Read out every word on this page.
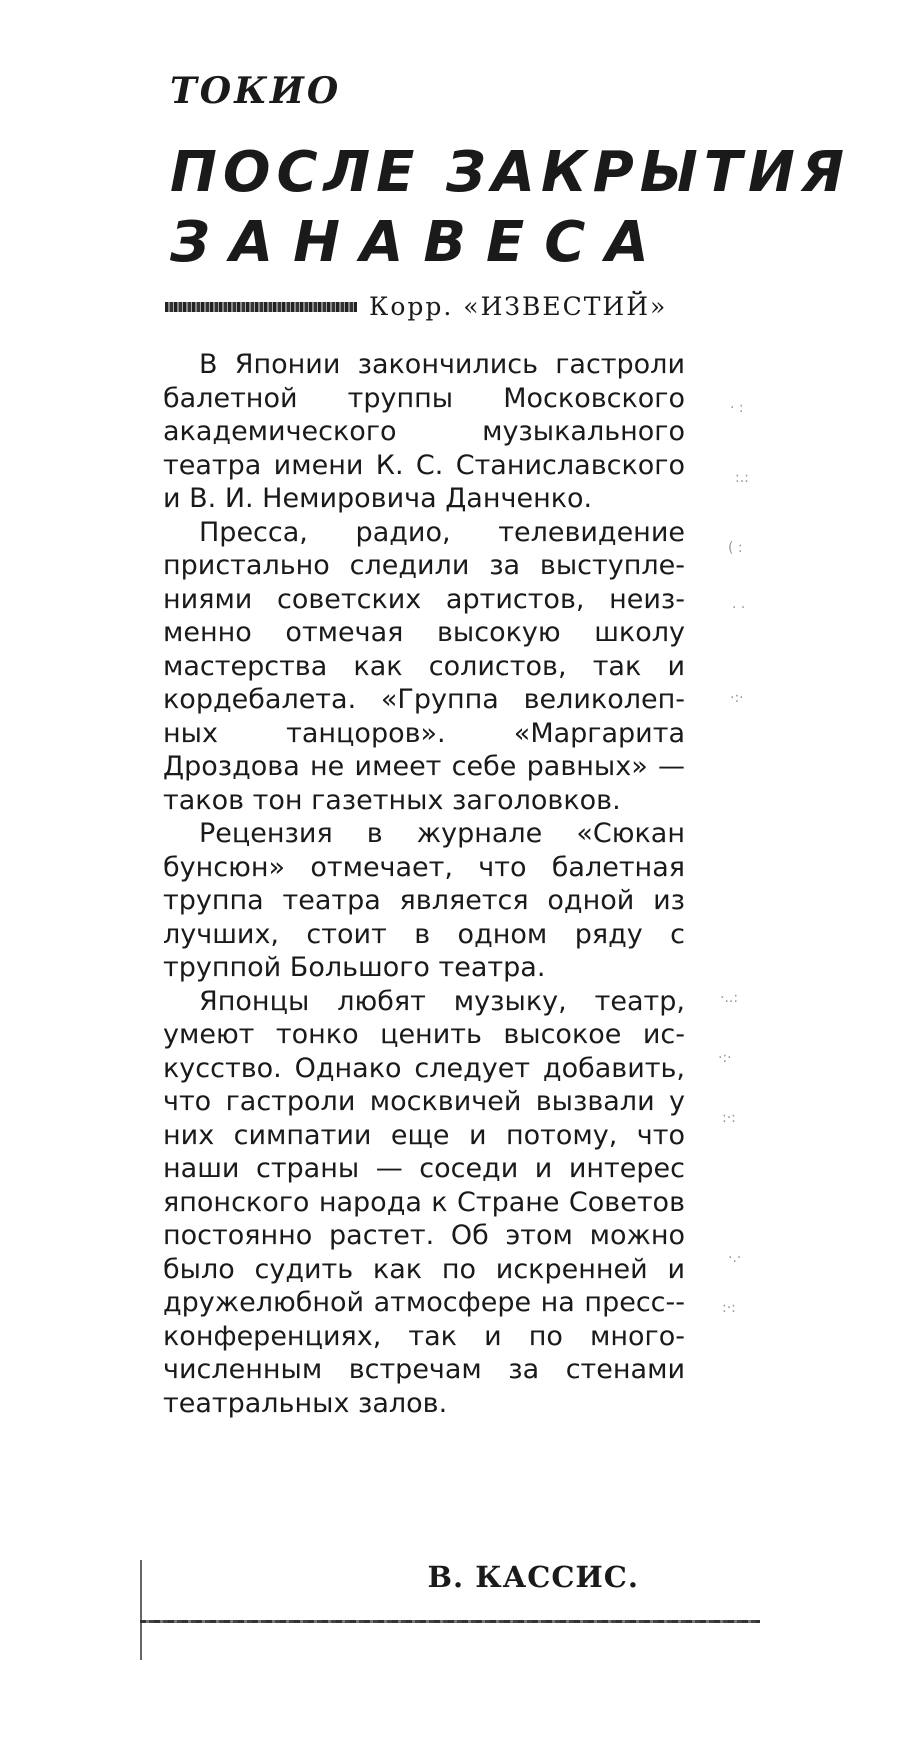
ТОКИО

ПОСЛЕ ЗАКРЫТИЯ
ЗАНАВЕСА
Корр. «ИЗВЕСТИЙ»

В Японии закончились гастроли балетной труппы Московского академического музыкального театра имени К. С. Станиславского и В. И. Немировича Данченко.

Пресса, радио, телевидение пристально следили за выступлениями советских артистов, неизменно отмечая высокую школу мастерства как солистов, так и кордебалета. «Группа великолепных танцоров». «Маргарита Дроздова не имеет себе равных» — таков тон газетных заголовков.

Рецензия в журнале «Сюкан бунсюн» отмечает, что балетная труппа театра является одной из лучших, стоит в одном ряду с труппой Большого театра.

Японцы любят музыку, театр, умеют тонко ценить высокое искусство. Однако следует добавить, что гастроли москвичей вызвали у них симпатии еще и потому, что наши страны — соседи и интерес японского народа к Стране Советов постоянно растет. Об этом можно было судить как по искренней и дружелюбной атмосфере на пресс-конференциях, так и по многочисленным встречам за стенами театральных залов.

В. КАССИС.

· :
:.:
( :
· ·
·:·
·..:
·:·
:·:
·.·
:·:
